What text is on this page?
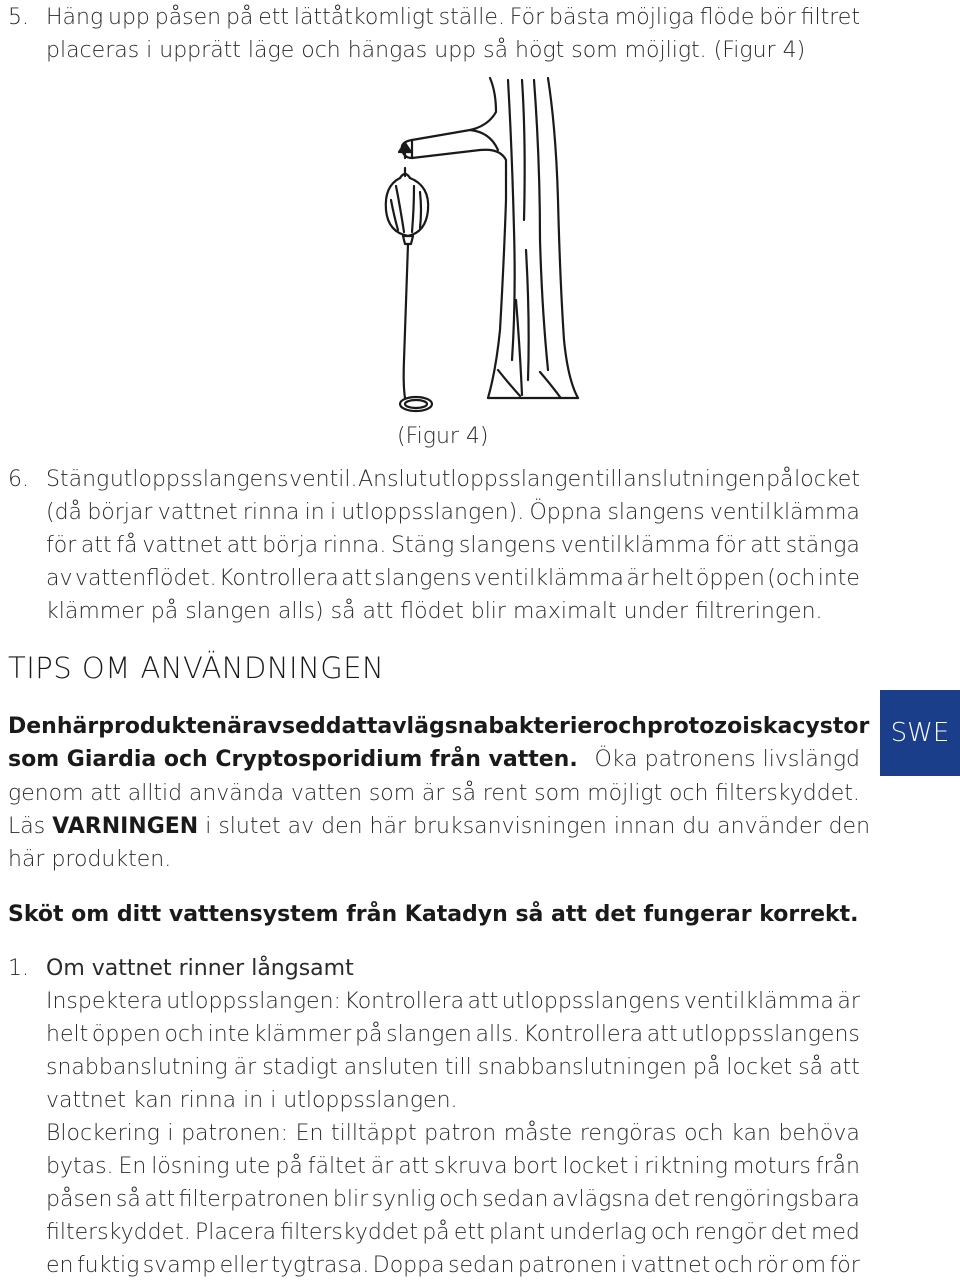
5. Häng upp påsen på ett lättåtkomligt ställe. För bästa möjliga flöde bör filtret
placeras i upprätt läge och hängas upp så högt som möjligt. (Figur 4)
(Figur 4)
6. Stäng utloppsslangens ventil. Anslut utloppsslangen till anslutningen på locket
(då börjar vattnet rinna in i utloppsslangen). Öppna slangens ventilklämma
för att få vattnet att börja rinna. Stäng slangens ventilklämma för att stänga
av vattenflödet. Kontrollera att slangens ventilklämma är helt öppen (och inte
klämmer på slangen alls) så att flödet blir maximalt under filtreringen.
TIPS OM ANVÄNDNINGEN
Den här produkten är avsedd att avlägsna bakterier och protozoiska cystor
som Giardia och Cryptosporidium från vatten. Öka patronens livslängd
genom att alltid använda vatten som är så rent som möjligt och filterskyddet.
Läs VARNINGEN i slutet av den här bruksanvisningen innan du använder den
här produkten.
SWE
Sköt om ditt vattensystem från Katadyn så att det fungerar korrekt.
1. Om vattnet rinner långsamt
Inspektera utloppsslangen: Kontrollera att utloppsslangens ventilklämma är
helt öppen och inte klämmer på slangen alls. Kontrollera att utloppsslangens
snabbanslutning är stadigt ansluten till snabbanslutningen på locket så att
vattnet kan rinna in i utloppsslangen.
Blockering i patronen: En tilltäppt patron måste rengöras och kan behöva
bytas. En lösning ute på fältet är att skruva bort locket i riktning moturs från
påsen så att filterpatronen blir synlig och sedan avlägsna det rengöringsbara
filterskyddet. Placera filterskyddet på ett plant underlag och rengör det med
en fuktig svamp eller tygtrasa. Doppa sedan patronen i vattnet och rör om för
